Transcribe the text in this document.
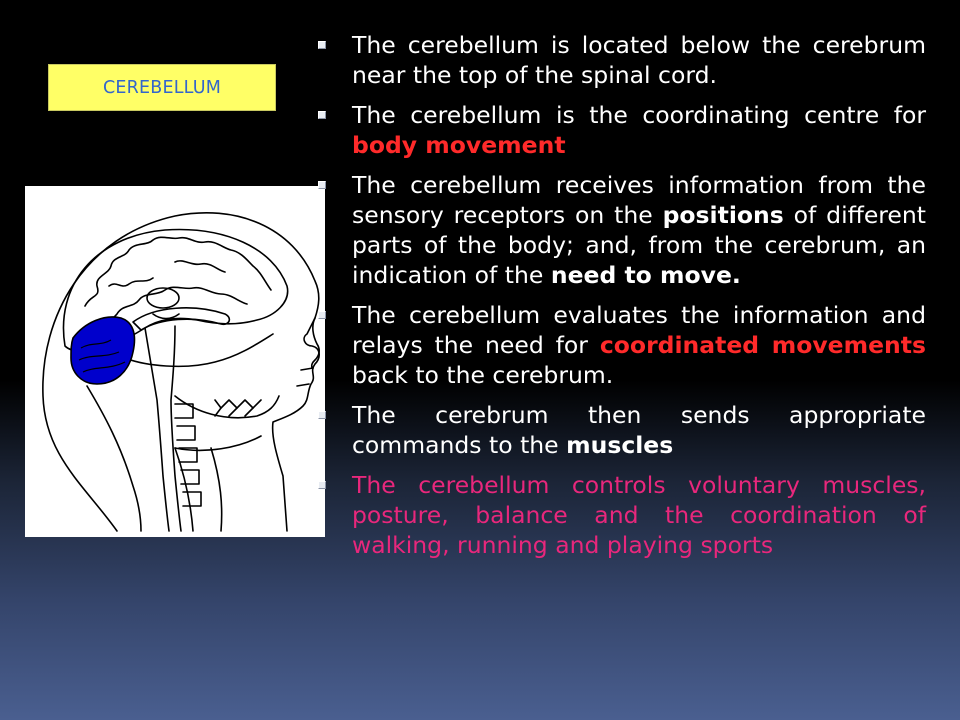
CEREBELLUM
The cerebellum is located below the cerebrum near the top of the spinal cord.
The cerebellum is the coordinating centre for body movement
The cerebellum receives information from the sensory receptors on the positions of different parts of the body; and, from the cerebrum, an indication of the need to move.
The cerebellum evaluates the information and relays the need for coordinated movements back to the cerebrum.
The cerebrum then sends appropriate commands to the muscles
The cerebellum controls voluntary muscles, posture, balance and the coordination of walking, running and playing sports
